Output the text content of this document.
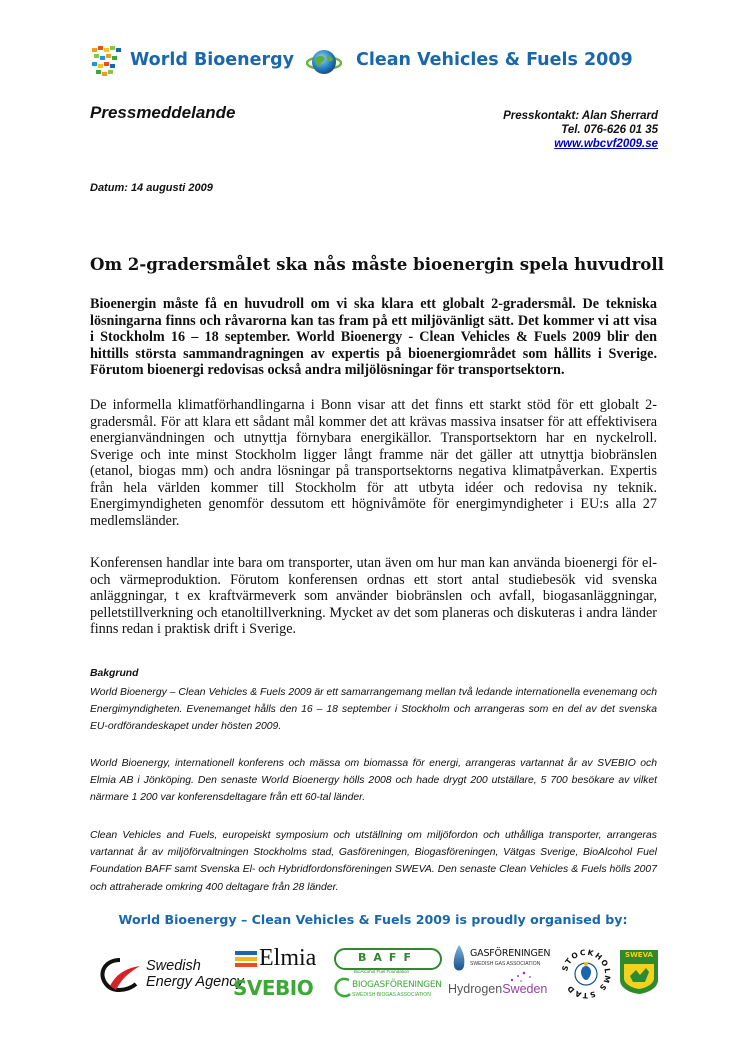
World Bioenergy	Clean Vehicles & Fuels 2009
Pressmeddelande	Presskontakt: Alan Sherrard
Tel. 076-626 01 35
www.wbcvf2009.se
Datum: 14 augusti 2009
Om 2-gradersmålet ska nås måste bioenergin spela huvudroll

Bioenergin måste få en huvudroll om vi ska klara ett globalt 2-gradersmål. De tekniska lösningarna finns och råvarorna kan tas fram på ett miljövänligt sätt. Det kommer vi att visa i Stockholm 16 – 18 september. World Bioenergy - Clean Vehicles & Fuels 2009 blir den hittills största sammandragningen av expertis på bioenergiområdet som hållits i Sverige. Förutom bioenergi redovisas också andra miljölösningar för transportsektorn.

De informella klimatförhandlingarna i Bonn visar att det finns ett starkt stöd för ett globalt 2-gradersmål. För att klara ett sådant mål kommer det att krävas massiva insatser för att effektivisera energianvändningen och utnyttja förnybara energikällor. Transportsektorn har en nyckelroll. Sverige och inte minst Stockholm ligger långt framme när det gäller att utnyttja biobränslen (etanol, biogas mm) och andra lösningar på transportsektorns negativa klimatpåverkan. Expertis från hela världen kommer till Stockholm för att utbyta idéer och redovisa ny teknik. Energimyndigheten genomför dessutom ett högnivåmöte för energimyndigheter i EU:s alla 27 medlemsländer.

Konferensen handlar inte bara om transporter, utan även om hur man kan använda bioenergi för el- och värmeproduktion. Förutom konferensen ordnas ett stort antal studiebesök vid svenska anläggningar, t ex kraftvärmeverk som använder biobränslen och avfall, biogasanläggningar, pelletstillverkning och etanoltillverkning. Mycket av det som planeras och diskuteras i andra länder finns redan i praktisk drift i Sverige.

Bakgrund

World Bioenergy – Clean Vehicles & Fuels 2009 är ett samarrangemang mellan två ledande internationella evenemang och Energimyndigheten. Evenemanget hålls den 16 – 18 september i Stockholm och arrangeras som en del av det svenska EU-ordförandeskapet under hösten 2009.

World Bioenergy, internationell konferens och mässa om biomassa för energi, arrangeras vartannat år av SVEBIO och Elmia AB i Jönköping. Den senaste World Bioenergy hölls 2008 och hade drygt 200 utställare, 5 700 besökare av vilket närmare 1 200 var konferensdeltagare från ett 60-tal länder.

Clean Vehicles and Fuels, europeiskt symposium och utställning om miljöfordon och uthålliga transporter, arrangeras vartannat år av miljöförvaltningen Stockholms stad, Gasföreningen, Biogasföreningen, Vätgas Sverige, BioAlcohol Fuel Foundation BAFF samt Svenska El- och Hybridfordonsföreningen SWEVA. Den senaste Clean Vehicles & Fuels hölls 2007 och attraherade omkring 400 deltagare från 28 länder.

World Bioenergy – Clean Vehicles & Fuels 2009 is proudly organised by:
Swedish
Energy Agency
Elmia
SVEBIO
BAFF
BioAlcohol Fuel Foundation
BIOGASFÖRENINGEN
SWEDISH BIOGAS ASSOCIATION
GASFÖRENINGEN
SWEDISH GAS ASSOCIATION
HydrogenSweden
STOCKHOLMS STAD
SWEVA
